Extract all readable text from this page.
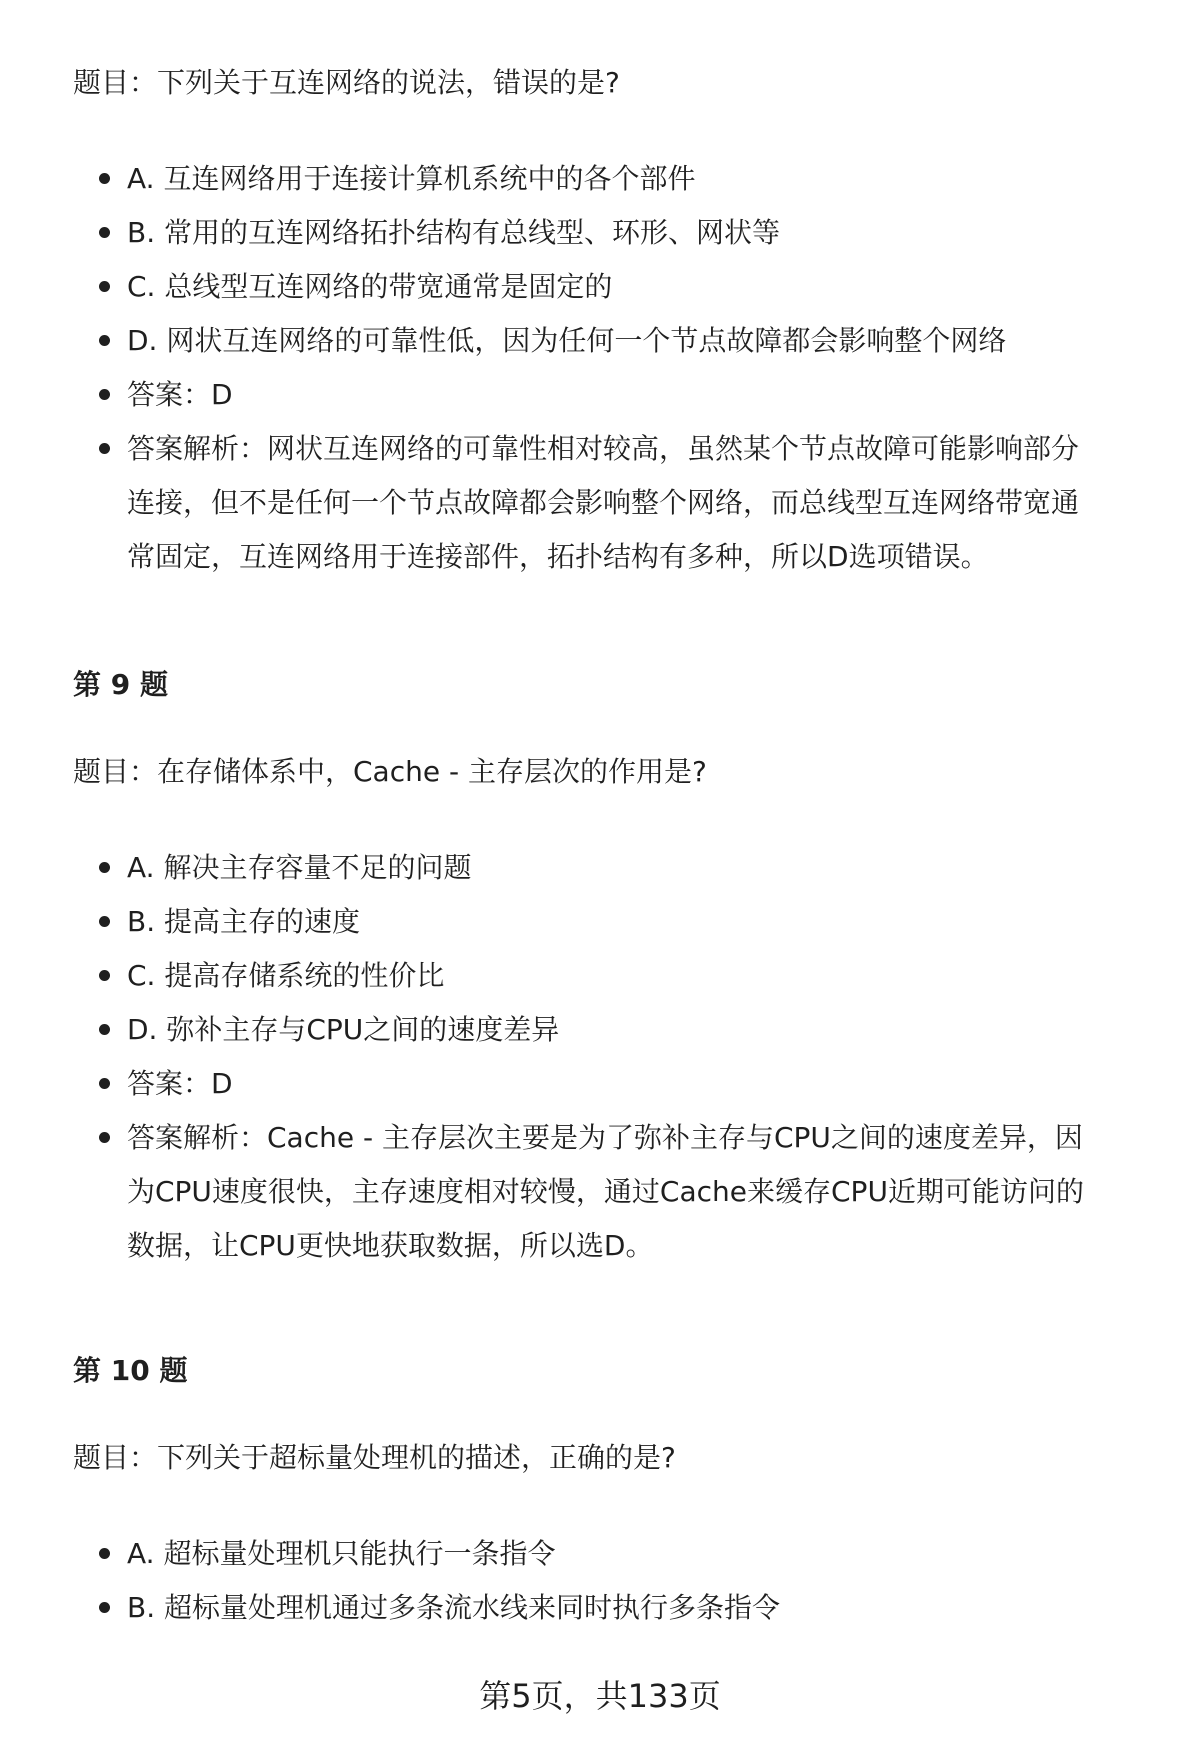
题目：下列关于互连网络的说法，错误的是?
A. 互连网络用于连接计算机系统中的各个部件
B. 常用的互连网络拓扑结构有总线型、环形、网状等
C. 总线型互连网络的带宽通常是固定的
D. 网状互连网络的可靠性低，因为任何一个节点故障都会影响整个网络
答案：D
答案解析：网状互连网络的可靠性相对较高，虽然某个节点故障可能影响部分
连接，但不是任何一个节点故障都会影响整个网络，而总线型互连网络带宽通
常固定，互连网络用于连接部件，拓扑结构有多种，所以D选项错误。
第 9 题
题目：在存储体系中，Cache - 主存层次的作用是?
A. 解决主存容量不足的问题
B. 提高主存的速度
C. 提高存储系统的性价比
D. 弥补主存与CPU之间的速度差异
答案：D
答案解析：Cache - 主存层次主要是为了弥补主存与CPU之间的速度差异，因
为CPU速度很快，主存速度相对较慢，通过Cache来缓存CPU近期可能访问的
数据，让CPU更快地获取数据，所以选D。
第 10 题
题目：下列关于超标量处理机的描述，正确的是?
A. 超标量处理机只能执行一条指令
B. 超标量处理机通过多条流水线来同时执行多条指令
第5页，共133页
